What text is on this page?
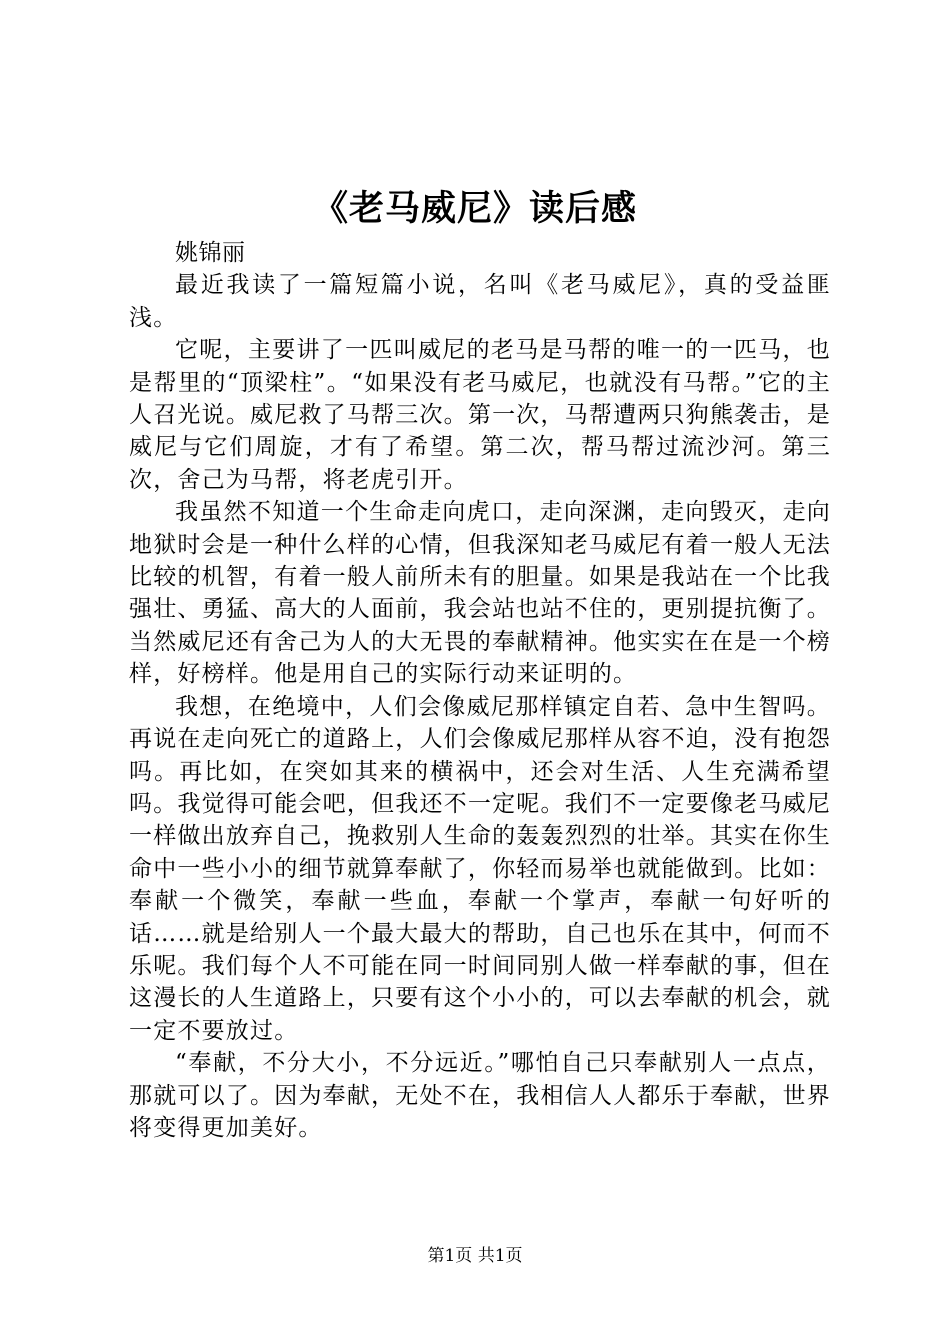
《老马威尼》读后感

姚锦丽

最近我读了一篇短篇小说，名叫《老马威尼》，真的受益匪浅。

它呢，主要讲了一匹叫威尼的老马是马帮的唯一的一匹马，也是帮里的“顶梁柱”。“如果没有老马威尼，也就没有马帮。”它的主人召光说。威尼救了马帮三次。第一次，马帮遭两只狗熊袭击，是威尼与它们周旋，才有了希望。第二次，帮马帮过流沙河。第三次，舍己为马帮，将老虎引开。

我虽然不知道一个生命走向虎口，走向深渊，走向毁灭，走向地狱时会是一种什么样的心情，但我深知老马威尼有着一般人无法比较的机智，有着一般人前所未有的胆量。如果是我站在一个比我强壮、勇猛、高大的人面前，我会站也站不住的，更别提抗衡了。当然威尼还有舍己为人的大无畏的奉献精神。他实实在在是一个榜样，好榜样。他是用自己的实际行动来证明的。

我想，在绝境中，人们会像威尼那样镇定自若、急中生智吗。再说在走向死亡的道路上，人们会像威尼那样从容不迫，没有抱怨吗。再比如，在突如其来的横祸中，还会对生活、人生充满希望吗。我觉得可能会吧，但我还不一定呢。我们不一定要像老马威尼一样做出放弃自己，挽救别人生命的轰轰烈烈的壮举。其实在你生命中一些小小的细节就算奉献了，你轻而易举也就能做到。比如：奉献一个微笑，奉献一些血，奉献一个掌声，奉献一句好听的话……就是给别人一个最大最大的帮助，自己也乐在其中，何而不乐呢。我们每个人不可能在同一时间同别人做一样奉献的事，但在这漫长的人生道路上，只要有这个小小的，可以去奉献的机会，就一定不要放过。

“奉献，不分大小，不分远近。”哪怕自己只奉献别人一点点，那就可以了。因为奉献，无处不在，我相信人人都乐于奉献，世界将变得更加美好。

第1页 共1页
